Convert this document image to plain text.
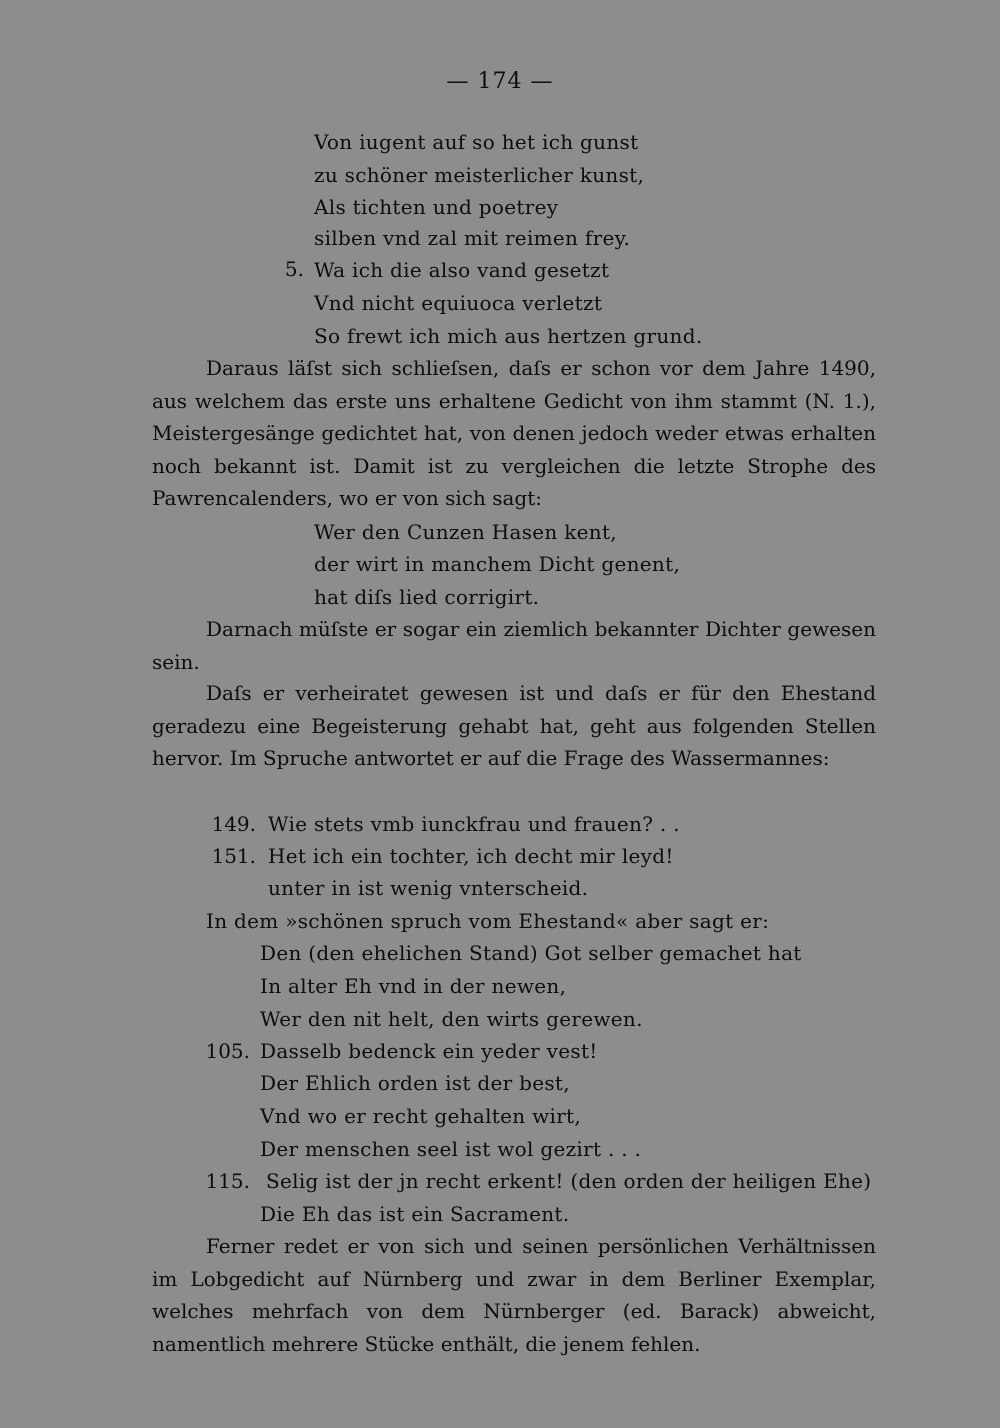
— 174 —
5.
Von iugent auf so het ich gunst
zu schöner meisterlicher kunst,
Als tichten und poetrey
silben vnd zal mit reimen frey.
Wa ich die also vand gesetzt
Vnd nicht equiuoca verletzt
So frewt ich mich aus hertzen grund.

Daraus läſst sich schlieſsen, daſs er schon vor dem Jahre 1490, aus welchem das erste uns erhaltene Gedicht von ihm stammt (N. 1.), Meistergesänge gedichtet hat, von denen jedoch weder etwas erhalten noch bekannt ist. Damit ist zu vergleichen die letzte Strophe des Pawrencalenders, wo er von sich sagt:

Wer den Cunzen Hasen kent,
der wirt in manchem Dicht genent,
hat diſs lied corrigirt.

Darnach müſste er sogar ein ziemlich bekannter Dichter gewesen sein.

Daſs er verheiratet gewesen ist und daſs er für den Ehestand geradezu eine Begeisterung gehabt hat, geht aus folgenden Stellen hervor. Im Spruche antwortet er auf die Frage des Wassermannes:

149. Wie stets vmb iunckfrau und frauen? . .
151. Het ich ein tochter, ich decht mir leyd!
unter in ist wenig vnterscheid.
In dem »schönen spruch vom Ehestand« aber sagt er:
Den (den ehelichen Stand) Got selber gemachet hat
In alter Eh vnd in der newen,
Wer den nit helt, den wirts gerewen.
105. Dasselb bedenck ein yeder vest!
Der Ehlich orden ist der best,
Vnd wo er recht gehalten wirt,
Der menschen seel ist wol gezirt . . .
115. Selig ist der jn recht erkent! (den orden der heiligen Ehe)
Die Eh das ist ein Sacrament.

Ferner redet er von sich und seinen persönlichen Verhältnissen im Lobgedicht auf Nürnberg und zwar in dem Berliner Exemplar, welches mehrfach von dem Nürnberger (ed. Barack) abweicht, namentlich mehrere Stücke enthält, die jenem fehlen.
